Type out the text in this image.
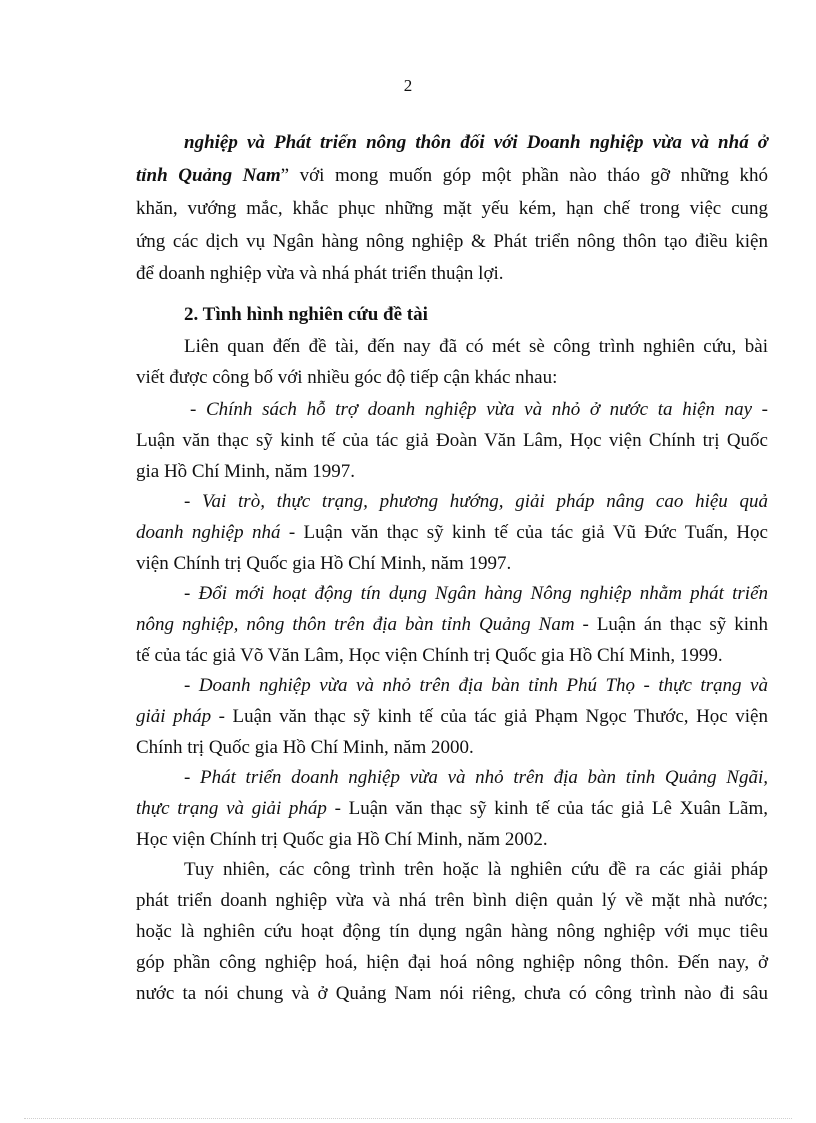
2
nghiệp và Phát triển nông thôn đối với Doanh nghiệp vừa và nhá ở
tỉnh Quảng Nam” với mong muốn góp một phần nào tháo gỡ những khó
khăn, vướng mắc, khắc phục những mặt yếu kém, hạn chế trong việc cung
ứng các dịch vụ Ngân hàng nông nghiệp & Phát triển nông thôn tạo điều kiện
để doanh nghiệp vừa và nhá phát triển thuận lợi.
2. Tình hình nghiên cứu đề tài
Liên quan đến đề tài, đến nay đã có mét sè công trình nghiên cứu, bài
viết được công bố với nhiều góc độ tiếp cận khác nhau:
- Chính sách hỗ trợ doanh nghiệp vừa và nhỏ ở nước ta hiện nay -
Luận văn thạc sỹ kinh tế của tác giả Đoàn Văn Lâm, Học viện Chính trị Quốc
gia Hồ Chí Minh, năm 1997.
- Vai trò, thực trạng, phương hướng, giải pháp nâng cao hiệu quả
doanh nghiệp nhá - Luận văn thạc sỹ kinh tế của tác giả Vũ Đức Tuấn, Học
viện Chính trị Quốc gia Hồ Chí Minh, năm 1997.
- Đổi mới hoạt động tín dụng Ngân hàng Nông nghiệp nhằm phát triển
nông nghiệp, nông thôn trên địa bàn tỉnh Quảng Nam - Luận án thạc sỹ kinh
tế của tác giả Võ Văn Lâm, Học viện Chính trị Quốc gia Hồ Chí Minh, 1999.
- Doanh nghiệp vừa và nhỏ trên địa bàn tỉnh Phú Thọ - thực trạng và
giải pháp - Luận văn thạc sỹ kinh tế của tác giả Phạm Ngọc Thước, Học viện
Chính trị Quốc gia Hồ Chí Minh, năm 2000.
- Phát triển doanh nghiệp vừa và nhỏ trên địa bàn tỉnh Quảng Ngãi,
thực trạng và giải pháp - Luận văn thạc sỹ kinh tế của tác giả Lê Xuân Lãm,
Học viện Chính trị Quốc gia Hồ Chí Minh, năm 2002.
Tuy nhiên, các công trình trên hoặc là nghiên cứu đề ra các giải pháp
phát triển doanh nghiệp vừa và nhá trên bình diện quản lý về mặt nhà nước;
hoặc là nghiên cứu hoạt động tín dụng ngân hàng nông nghiệp với mục tiêu
góp phần công nghiệp hoá, hiện đại hoá nông nghiệp nông thôn. Đến nay, ở
nước ta nói chung và ở Quảng Nam nói riêng, chưa có công trình nào đi sâu
